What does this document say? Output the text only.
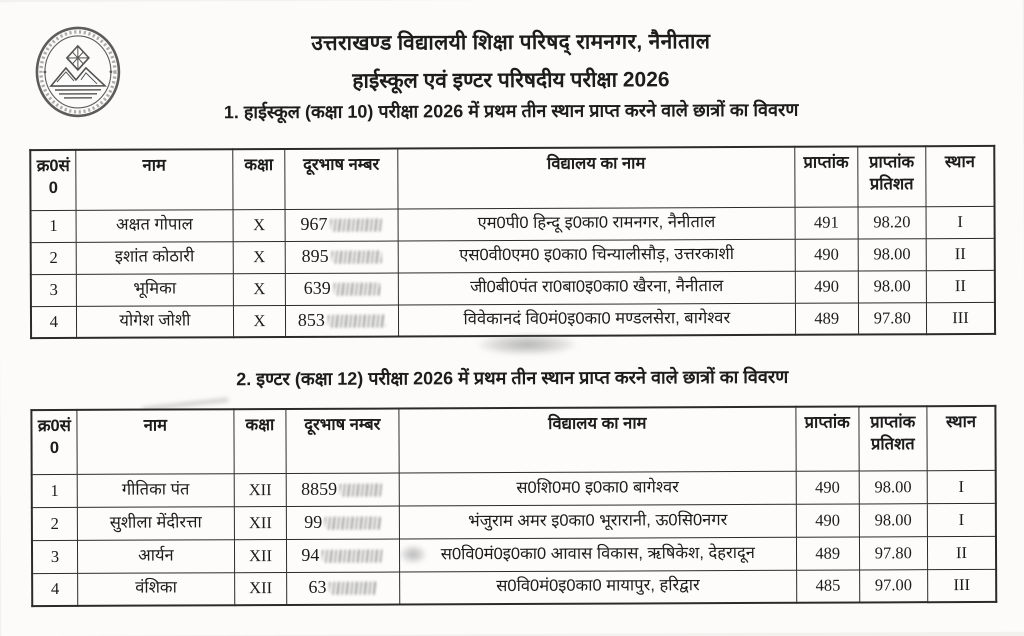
उत्तराखण्ड विद्यालयी शिक्षा परिषद् रामनगर, नैनीताल
हाईस्कूल एवं इण्टर परिषदीय परीक्षा 2026
1. हाईस्कूल (कक्षा 10) परीक्षा 2026 में प्रथम तीन स्थान प्राप्त करने वाले छात्रों का विवरण
क्र0सं 0	नाम	कक्षा	दूरभाष नम्बर	विद्यालय का नाम	प्राप्तांक	प्राप्तांक प्रतिशत	स्थान
1	अक्षत गोपाल	X	967	एम0पी0 हिन्दू इ0का0 रामनगर, नैनीताल	491	98.20	I
2	इशांत कोठारी	X	895	एस0वी0एम0 इ0का0 चिन्यालीसौड़, उत्तरकाशी	490	98.00	II
3	भूमिका	X	639	जी0बी0पंत रा0बा0इ0का0 खैरना, नैनीताल	490	98.00	II
4	योगेश जोशी	X	853	विवेकानदं वि0मं0इ0का0 मण्डलसेरा, बागेश्वर	489	97.80	III
2. इण्टर (कक्षा 12) परीक्षा 2026 में प्रथम तीन स्थान प्राप्त करने वाले छात्रों का विवरण
क्र0सं 0	नाम	कक्षा	दूरभाष नम्बर	विद्यालय का नाम	प्राप्तांक	प्राप्तांक प्रतिशत	स्थान
1	गीतिका पंत	XII	8859	स0शि0म0 इ0का0 बागेश्वर	490	98.00	I
2	सुशीला मेंदीरत्ता	XII	99	भंजुराम अमर इ0का0 भूरारानी, ऊ0सि0नगर	490	98.00	I
3	आर्यन	XII	94	स0वि0मं0इ0का0 आवास विकास, ऋषिकेश, देहरादून	489	97.80	II
4	वंशिका	XII	63	स0वि0मं0इ0का0 मायापुर, हरिद्वार	485	97.00	III
